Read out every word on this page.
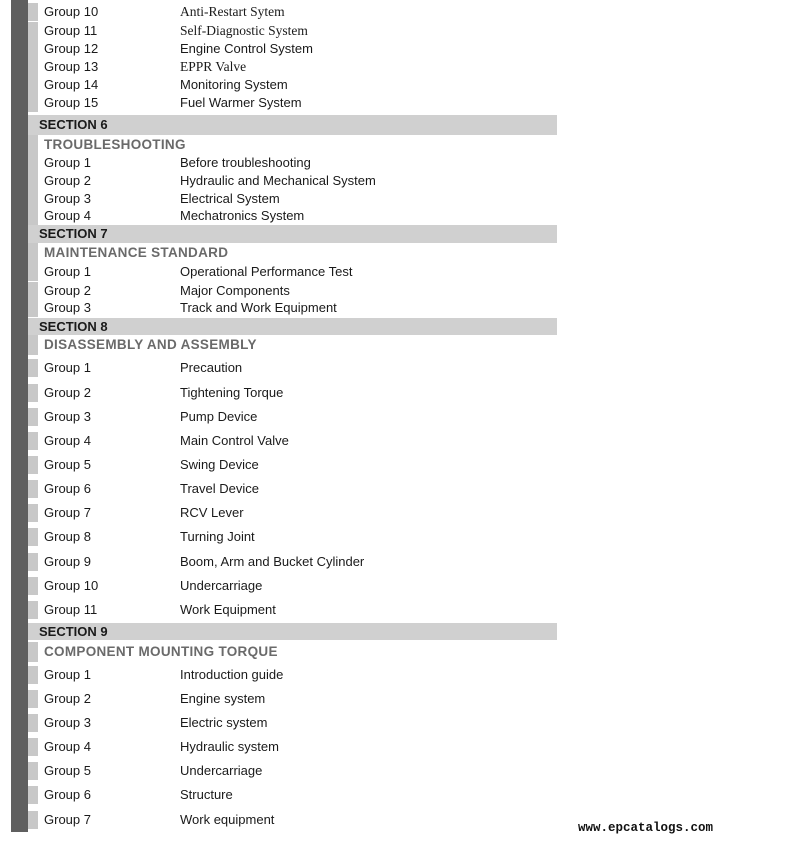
Group 10	Anti-Restart Sytem
Group 11	Self-Diagnostic System
Group 12	Engine Control System
Group 13	EPPR Valve
Group 14	Monitoring System
Group 15	Fuel Warmer System
SECTION 6
TROUBLESHOOTING
Group 1	Before troubleshooting
Group 2	Hydraulic and Mechanical System
Group 3	Electrical System
Group 4	Mechatronics System
SECTION 7
MAINTENANCE STANDARD
Group 1	Operational Performance Test
Group 2	Major Components
Group 3	Track and Work Equipment
SECTION 8
DISASSEMBLY AND ASSEMBLY
Group 1	Precaution
Group 2	Tightening Torque
Group 3	Pump Device
Group 4	Main Control Valve
Group 5	Swing Device
Group 6	Travel Device
Group 7	RCV Lever
Group 8	Turning Joint
Group 9	Boom, Arm and Bucket Cylinder
Group 10	Undercarriage
Group 11	Work Equipment
SECTION 9
COMPONENT MOUNTING TORQUE
Group 1	Introduction guide
Group 2	Engine system
Group 3	Electric system
Group 4	Hydraulic system
Group 5	Undercarriage
Group 6	Structure
Group 7	Work equipment
www.epcatalogs.com
